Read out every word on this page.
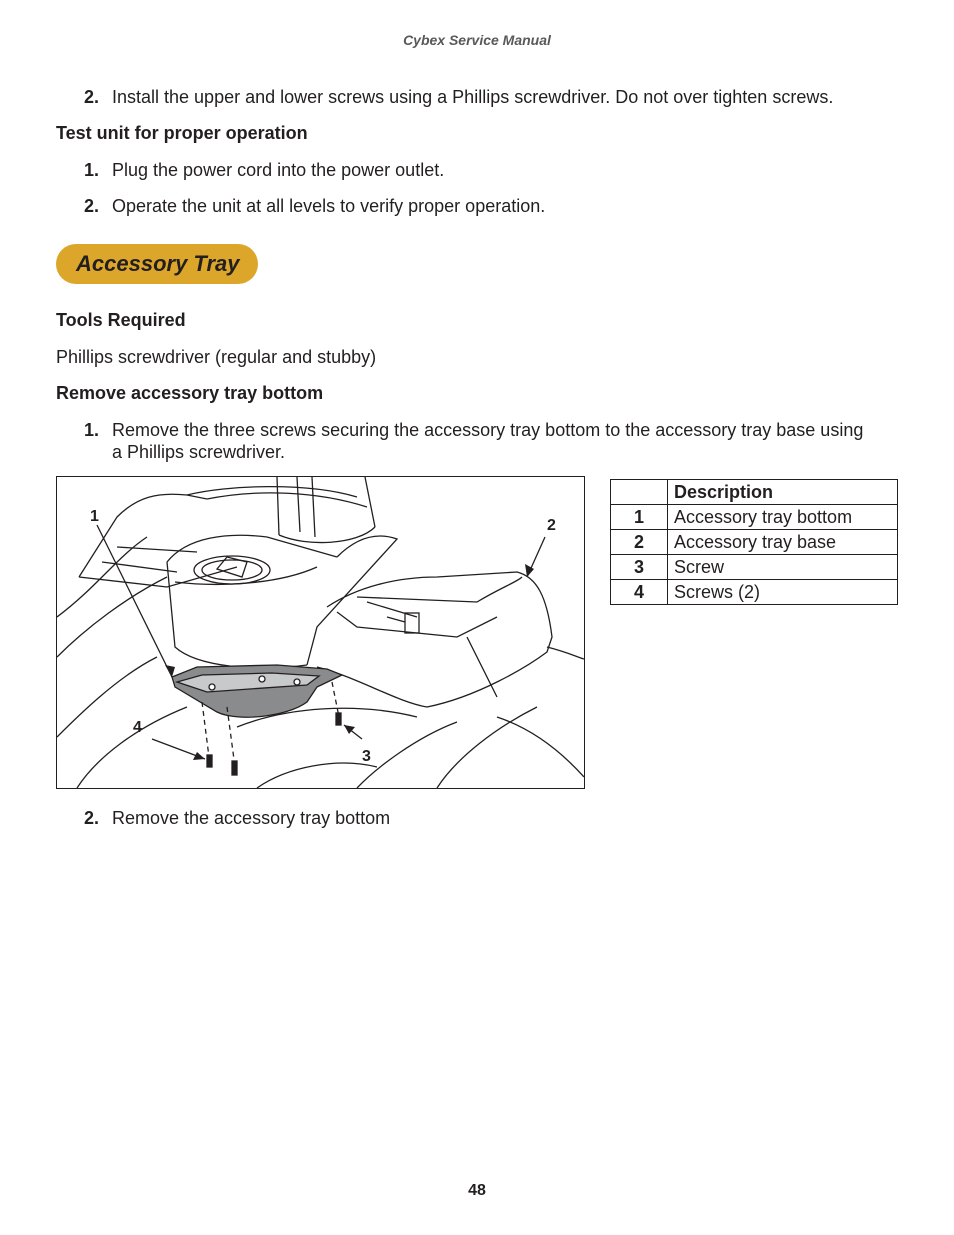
Cybex Service Manual
2. Install the upper and lower screws using a Phillips screwdriver. Do not over tighten screws.
Test unit for proper operation
1. Plug the power cord into the power outlet.
2. Operate the unit at all levels to verify proper operation.
Accessory Tray
Tools Required
Phillips screwdriver (regular and stubby)
Remove accessory tray bottom
1. Remove the three screws securing the accessory tray bottom to the accessory tray base using
a Phillips screwdriver.
1
2
3
4
	Description
1	Accessory tray bottom
2	Accessory tray base
3	Screw
4	Screws (2)
2. Remove the accessory tray bottom
48
